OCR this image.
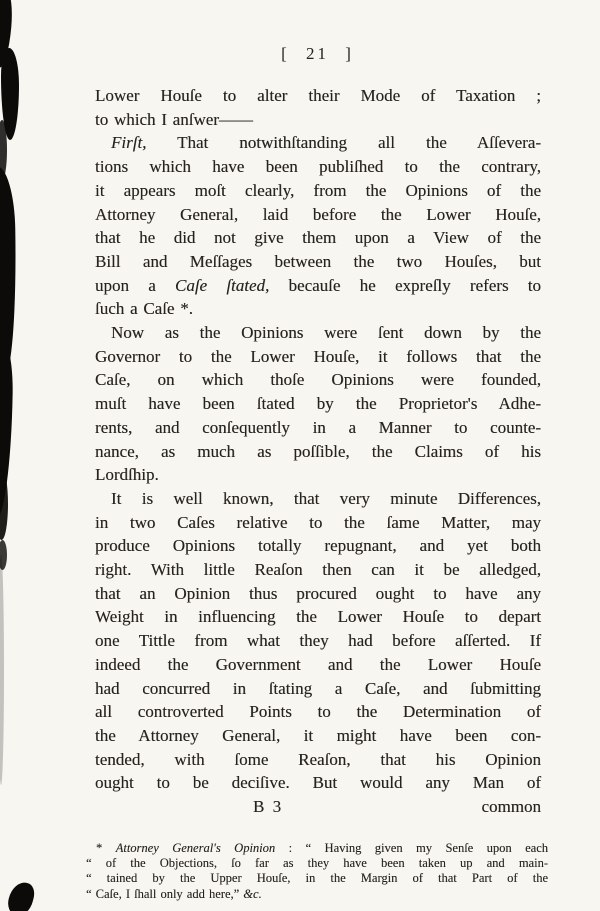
[ 21 ]
Lower Houſe to alter their Mode of Taxation ;
to which I anſwer——
Firſt, That notwithſtanding all the Aſſevera-
tions which have been publiſhed to the contrary,
it appears moſt clearly, from the Opinions of the
Attorney General, laid before the Lower Houſe,
that he did not give them upon a View of the
Bill and Meſſages between the two Houſes, but
upon a Caſe ſtated, becauſe he expreſly refers to
ſuch a Caſe *.
Now as the Opinions were ſent down by the
Governor to the Lower Houſe, it follows that the
Caſe, on which thoſe Opinions were founded,
muſt have been ſtated by the Proprietor's Adhe-
rents, and conſequently in a Manner to counte-
nance, as much as poſſible, the Claims of his
Lordſhip.
It is well known, that very minute Differences,
in two Caſes relative to the ſame Matter, may
produce Opinions totally repugnant, and yet both
right. With little Reaſon then can it be alledged,
that an Opinion thus procured ought to have any
Weight in influencing the Lower Houſe to depart
one Tittle from what they had before aſſerted. If
indeed the Government and the Lower Houſe
had concurred in ſtating a Caſe, and ſubmitting
all controverted Points to the Determination of
the Attorney General, it might have been con-
tended, with ſome Reaſon, that his Opinion
ought to be deciſive. But would any Man of
B 3	common
* Attorney General's Opinion : “ Having given my Senſe upon each
“ of the Objections, ſo far as they have been taken up and main-
“ tained by the Upper Houſe, in the Margin of that Part of the
“ Caſe, I ſhall only add here,” &c.
